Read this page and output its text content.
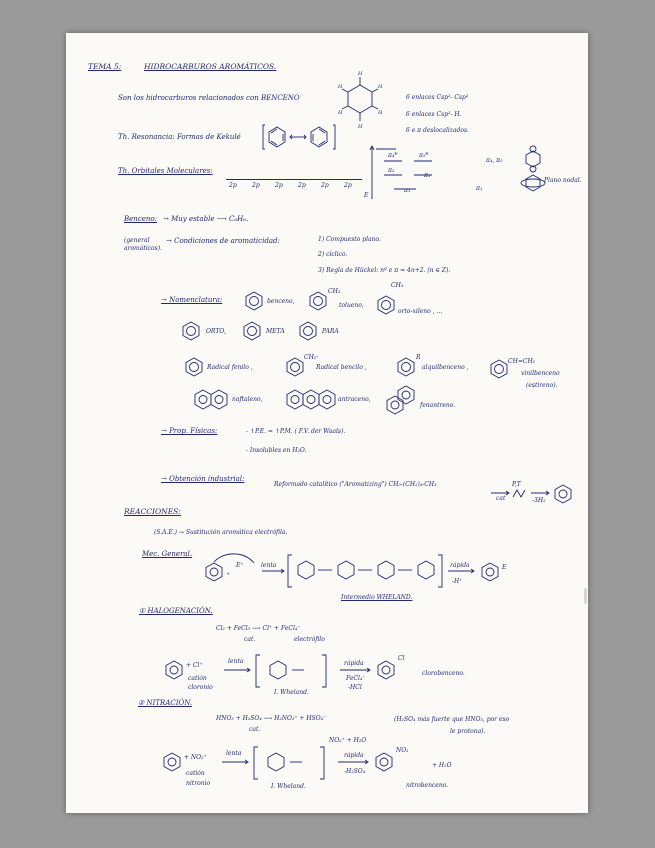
TEMA 5:	HIDROCARBUROS AROMÁTICOS.
Son los hidrocarburos relacionados con BENCENO
H
H
H
H
H
H
6 enlaces Csp²- Csp²
6 enlaces Csp²- H.
6 e π deslocalizados.
Th. Resonancia: Formas de Kekulé
Th. Orbitales Moleculares:
2p	2p	2p	2p	2p	2p
E
π₄*	π₅*
π₂
π₃
π₁
π₄, π₅
π₁
Plano nodal.
Benceno: → Muy estable ⟶ C₆H₆.
(general
aromáticos).
→ Condiciones de aromaticidad:	1) Compuesto plano.
2) cíclico.
3) Regla de Hückel: nº e π = 4n+2. (n ∈ Z).
→ Nomenclatura:	benceno,
CH₃
tolueno,
CH₃
orto-xileno , ...
ORTO,	META	PARA
Radical fenilo ,
CH₂·
Radical bencilo ,
R
alquilbenceno ,
CH=CH₂
vinilbenceno
(estireno).
naftaleno,	antraceno,
fenantreno.
→ Prop. Físicas:	- ↑P.E. = ↑P.M. ( F.V. der Waals).
- Insolubles en H₂O.
→ Obtención industrial:
Reformado catalítico ("Aromatizing") CH₃-(CH₂)₄-CH₃	P,T
cat	-3H₂
REACCIONES:
(S.A.E.) → Sustitución aromática electrófila.
Mec. General.
+
E⁺	lenta	rápida
-H⁺
E
Intermedio WHELAND.
① HALOGENACIÓN.
Cl₂ + FeCl₃ ⟶ Cl⁺ + FeCl₄⁻
cat.	electrófilo
+ Cl⁺
catión
cloronio
lenta
I. Wheland.
rápida
FeCl₄⁻
-HCl
Cl
clorobenceno.
② NITRACIÓN.
HNO₃ + H₂SO₄ ⟶ H₂NO₃⁺ + HSO₄⁻
cat.
(H₂SO₄ más fuerte que HNO₃, por eso
le protona).
NO₂⁺ + H₂O
+ NO₂⁺
catión
nitronio
lenta
I. Wheland.
rápida
-H₂SO₄
NO₂
+ H₂O
nitrobenceno.
